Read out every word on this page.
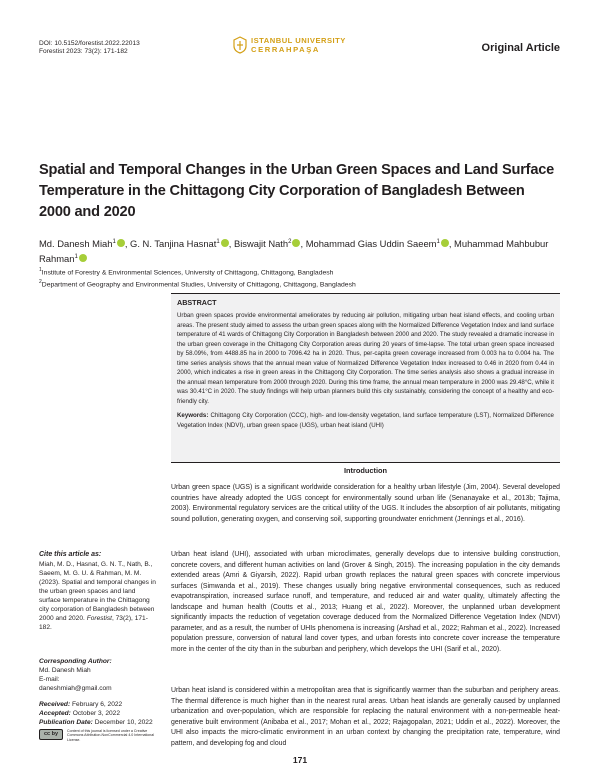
DOI: 10.5152/forestist.2022.22013
Forestist 2023: 73(2): 171-182
ISTANBUL UNIVERSITY
CERRAHPAŞA	Original Article
Spatial and Temporal Changes in the Urban Green Spaces and Land Surface Temperature in the Chittagong City Corporation of Bangladesh Between 2000 and 2020
Md. Danesh Miah$^1$ , G. N. Tanjina Hasnat$^1$ , Biswajit Nath$^2$ , Mohammad Gias Uddin Saeem$^1$ , Muhammad Mahbubur Rahman$^1$
$^1$Institute of Forestry & Environmental Sciences, University of Chittagong, Chittagong, Bangladesh
$^2$Department of Geography and Environmental Studies, University of Chittagong, Chittagong, Bangladesh
ABSTRACT
Urban green spaces provide environmental ameliorates by reducing air pollution, mitigating urban heat island effects, and cooling urban areas. The present study aimed to assess the urban green spaces along with the Normalized Difference Vegetation Index and land surface temperature of 41 wards of Chittagong City Corporation in Bangladesh between 2000 and 2020. The study revealed a dramatic increase in the urban green coverage in the Chittagong City Corporation areas during 20 years of time-lapse. The total urban green space increased by 58.09%, from 4488.85 ha in 2000 to 7096.42 ha in 2020. Thus, per-capita green coverage increased from 0.003 ha to 0.004 ha. The time series analysis shows that the annual mean value of Normalized Difference Vegetation Index increased to 0.46 in 2020 from 0.44 in 2000, which indicates a rise in green areas in the Chittagong City Corporation. The time series analysis also shows a gradual increase in the annual mean temperature from 2000 through 2020. During this time frame, the annual mean temperature in 2000 was 29.48°C, while it was 30.41°C in 2020. The study findings will help urban planners build this city sustainably, considering the concept of a healthy and eco-friendly city.
Keywords: Chittagong City Corporation (CCC), high- and low-density vegetation, land surface temperature (LST), Normalized Difference Vegetation Index (NDVI), urban green space (UGS), urban heat island (UHI)
Introduction
Urban green space (UGS) is a significant worldwide consideration for a healthy urban lifestyle (Jim, 2004). Several developed countries have already adopted the UGS concept for environmentally sound urban life (Senanayake et al., 2013b; Tajima, 2003). Environmental regulatory services are the critical utility of the UGS. It includes the absorption of air pollutants, mitigating sound pollution, generating oxygen, and conserving soil, supporting groundwater enrichment (Jennings et al., 2016).
Urban heat island (UHI), associated with urban microclimates, generally develops due to intensive building construction, concrete covers, and different human activities on land (Grover & Singh, 2015). The increasing population in the city demands extended areas (Amri & Giyarsih, 2022). Rapid urban growth replaces the natural green spaces with concrete impervious surfaces (Simwanda et al., 2019). These changes usually bring negative environmental consequences, such as reduced evapotranspiration, increased surface runoff, and temperature, and reduced air and water quality, ultimately affecting the landscape and human health (Coutts et al., 2013; Huang et al., 2022). Moreover, the unplanned urban development significantly impacts the reduction of vegetation coverage deduced from the Normalized Difference Vegetation Index (NDVI) parameter, and as a result, the number of UHIs phenomena is increasing (Arshad et al., 2022; Rahman et al., 2022). Increased population pressure, conversion of natural land cover types, and urban forests into concrete cover increase the temperature more in the center of the city than in the suburban and periphery, which develops the UHI (Sarif et al., 2020).
Urban heat island is considered within a metropolitan area that is significantly warmer than the suburban and periphery areas. The thermal difference is much higher than in the nearest rural areas. Urban heat islands are generally caused by unplanned urbanization and over-population, which are responsible for replacing the natural environment with a non-permeable heat-generative built environment (Anibaba et al., 2017; Mohan et al., 2022; Rajagopalan, 2021; Uddin et al., 2022). Moreover, the UHI also impacts the micro-climatic environment in an urban context by changing the precipitation rate, temperature, wind pattern, and developing fog and cloud
Cite this article as:
Miah, M. D., Hasnat, G. N. T., Nath, B., Saeem, M. G. U. & Rahman, M. M. (2023). Spatial and temporal changes in the urban green spaces and land surface temperature in the Chittagong city corporation of Bangladesh between 2000 and 2020. Forestist, 73(2), 171-182.
Corresponding Author:
Md. Danesh Miah
E-mail:
daneshmiah@gmail.com
Received: February 6, 2022
Accepted: October 3, 2022
Publication Date: December 10, 2022
cc by	Content of this journal is licensed under a Creative Commons Attribution-NonCommercial 4.0 International License.
171
